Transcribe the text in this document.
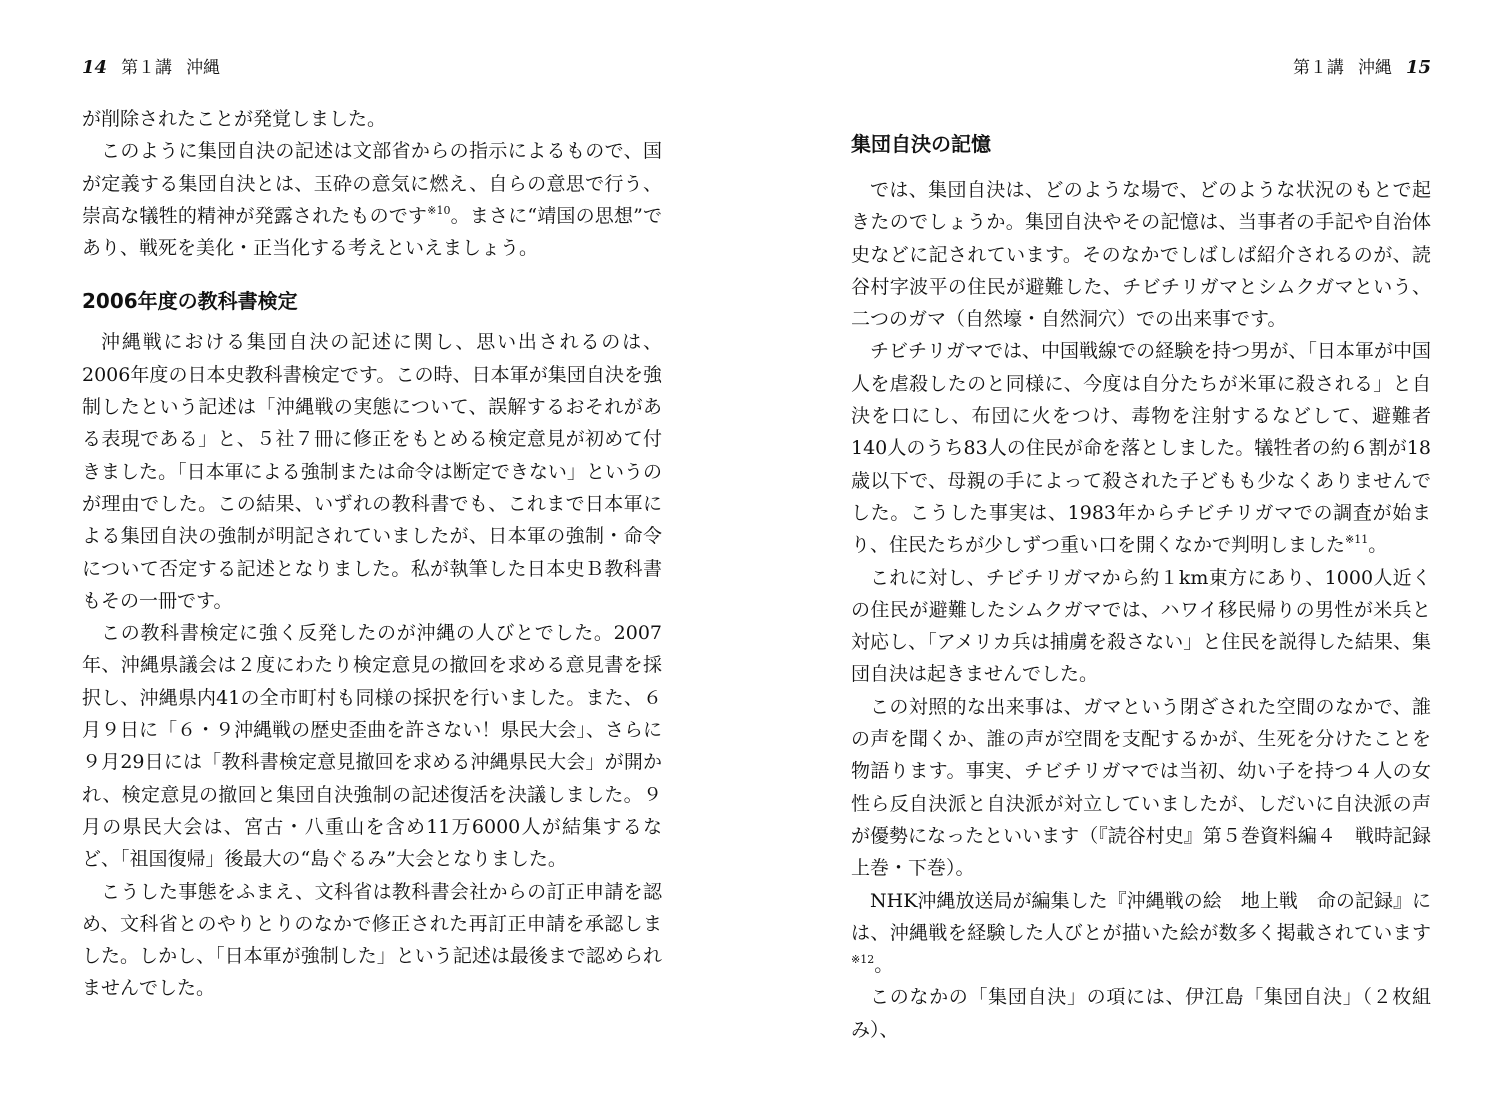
14 第１講 沖縄

が削除されたことが発覚しました。

このように集団自決の記述は文部省からの指示によるもので、国が定義する集団自決とは、玉砕の意気に燃え、自らの意思で行う、崇高な犠牲的精神が発露されたものです$^{※10}$。まさに“靖国の思想”であり、戦死を美化・正当化する考えといえましょう。

2006年度の教科書検定

沖縄戦における集団自決の記述に関し、思い出されるのは、2006年度の日本史教科書検定です。この時、日本軍が集団自決を強制したという記述は「沖縄戦の実態について、誤解するおそれがある表現である」と、５社７冊に修正をもとめる検定意見が初めて付きました。「日本軍による強制または命令は断定できない」というのが理由でした。この結果、いずれの教科書でも、これまで日本軍による集団自決の強制が明記されていましたが、日本軍の強制・命令について否定する記述となりました。私が執筆した日本史Ｂ教科書もその一冊です。

この教科書検定に強く反発したのが沖縄の人びとでした。2007年、沖縄県議会は２度にわたり検定意見の撤回を求める意見書を採択し、沖縄県内41の全市町村も同様の採択を行いました。また、６月９日に「６・９沖縄戦の歴史歪曲を許さない！県民大会」、さらに９月29日には「教科書検定意見撤回を求める沖縄県民大会」が開かれ、検定意見の撤回と集団自決強制の記述復活を決議しました。９月の県民大会は、宮古・八重山を含め11万6000人が結集するなど、「祖国復帰」後最大の“島ぐるみ”大会となりました。

こうした事態をふまえ、文科省は教科書会社からの訂正申請を認め、文科省とのやりとりのなかで修正された再訂正申請を承認しました。しかし、「日本軍が強制した」という記述は最後まで認められませんでした。

第１講 沖縄 15
集団自決の記憶

では、集団自決は、どのような場で、どのような状況のもとで起きたのでしょうか。集団自決やその記憶は、当事者の手記や自治体史などに記されています。そのなかでしばしば紹介されるのが、読谷村字波平の住民が避難した、チビチリガマとシムクガマという、二つのガマ（自然壕・自然洞穴）での出来事です。

チビチリガマでは、中国戦線での経験を持つ男が、「日本軍が中国人を虐殺したのと同様に、今度は自分たちが米軍に殺される」と自決を口にし、布団に火をつけ、毒物を注射するなどして、避難者140人のうち83人の住民が命を落としました。犠牲者の約６割が18歳以下で、母親の手によって殺された子どもも少なくありませんでした。こうした事実は、1983年からチビチリガマでの調査が始まり、住民たちが少しずつ重い口を開くなかで判明しました$^{※11}$。

これに対し、チビチリガマから約１km東方にあり、1000人近くの住民が避難したシムクガマでは、ハワイ移民帰りの男性が米兵と対応し、「アメリカ兵は捕虜を殺さない」と住民を説得した結果、集団自決は起きませんでした。

この対照的な出来事は、ガマという閉ざされた空間のなかで、誰の声を聞くか、誰の声が空間を支配するかが、生死を分けたことを物語ります。事実、チビチリガマでは当初、幼い子を持つ４人の女性ら反自決派と自決派が対立していましたが、しだいに自決派の声が優勢になったといいます（『読谷村史』第５巻資料編４　戦時記録上巻・下巻）。

NHK沖縄放送局が編集した『沖縄戦の絵　地上戦　命の記録』には、沖縄戦を経験した人びとが描いた絵が数多く掲載されています$^{※12}$。

このなかの「集団自決」の項には、伊江島「集団自決」（２枚組み）、
